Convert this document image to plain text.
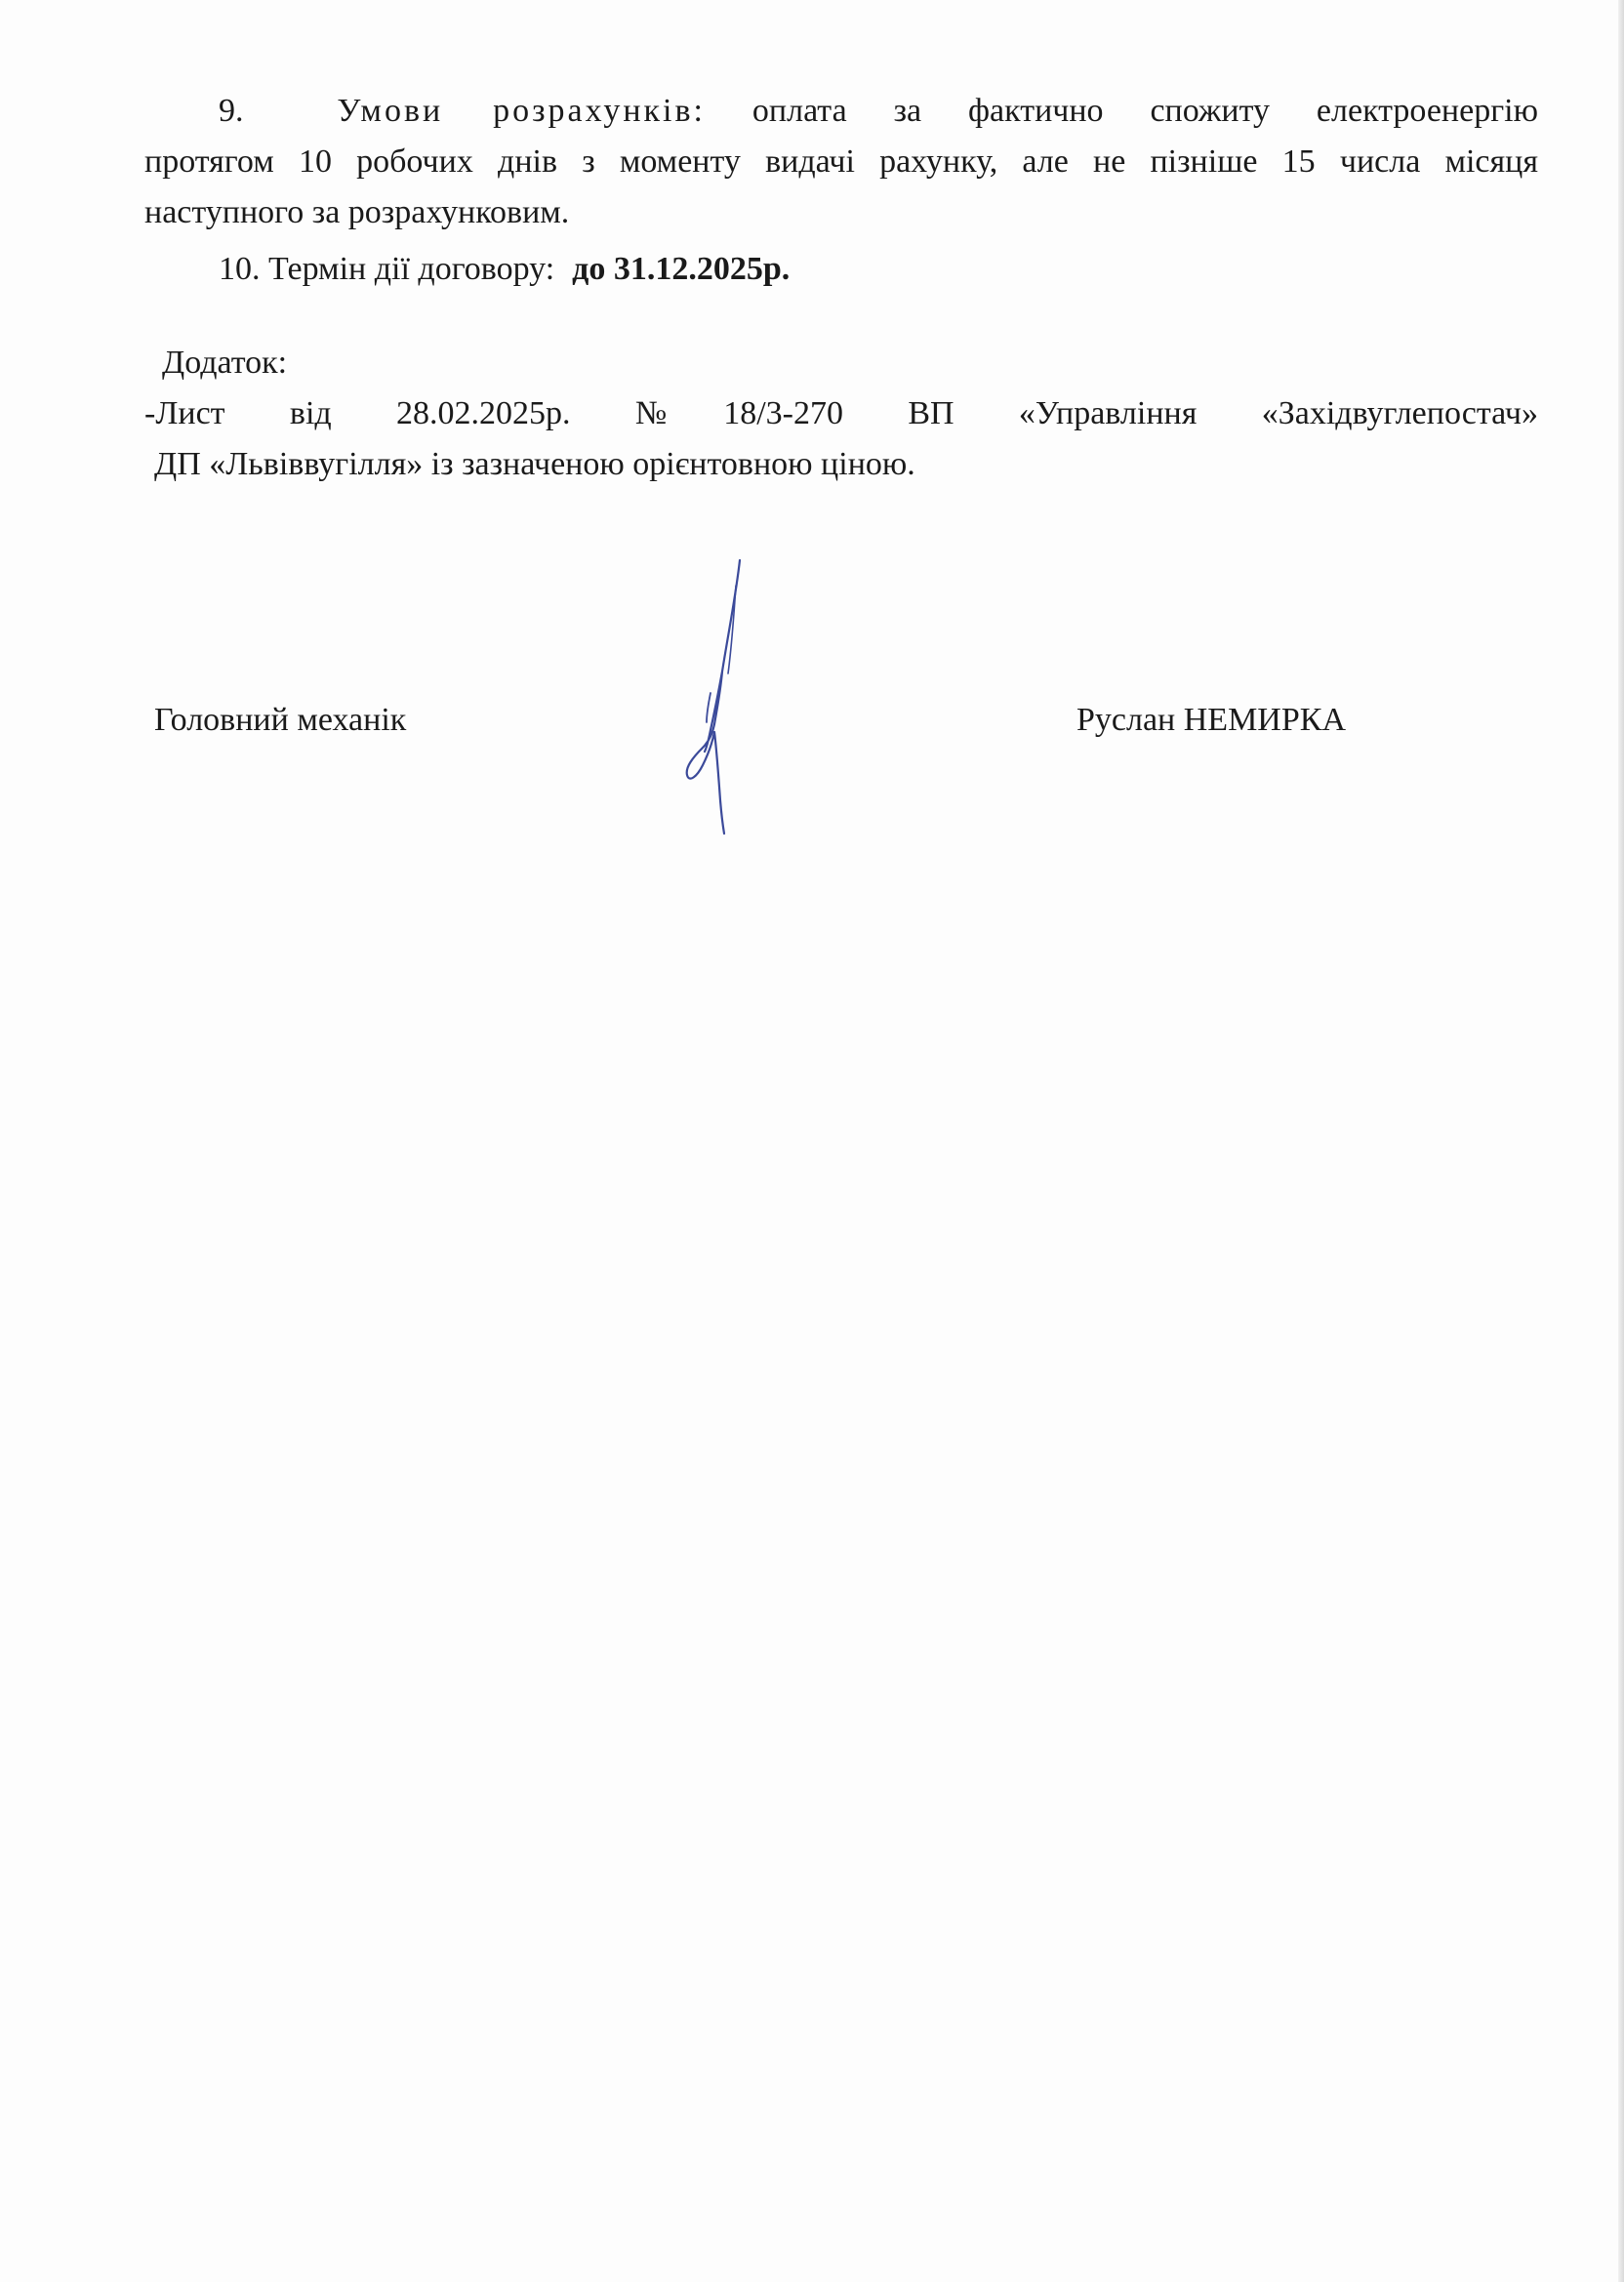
9.	Умови розрахунків: оплата за фактично спожиту електроенергію
протягом 10 робочих днів з моменту видачі рахунку, але не пізніше 15 числа місяця
наступного за розрахунковим.
10. Термін дії договору: до 31.12.2025р.
Додаток:
-Лист від 28.02.2025р. №18/3-270 ВП «Управління «Західвуглепостач»
ДП «Львіввугілля» із зазначеною орієнтовною ціною.
Головний механік	Руслан НЕМИРКА
